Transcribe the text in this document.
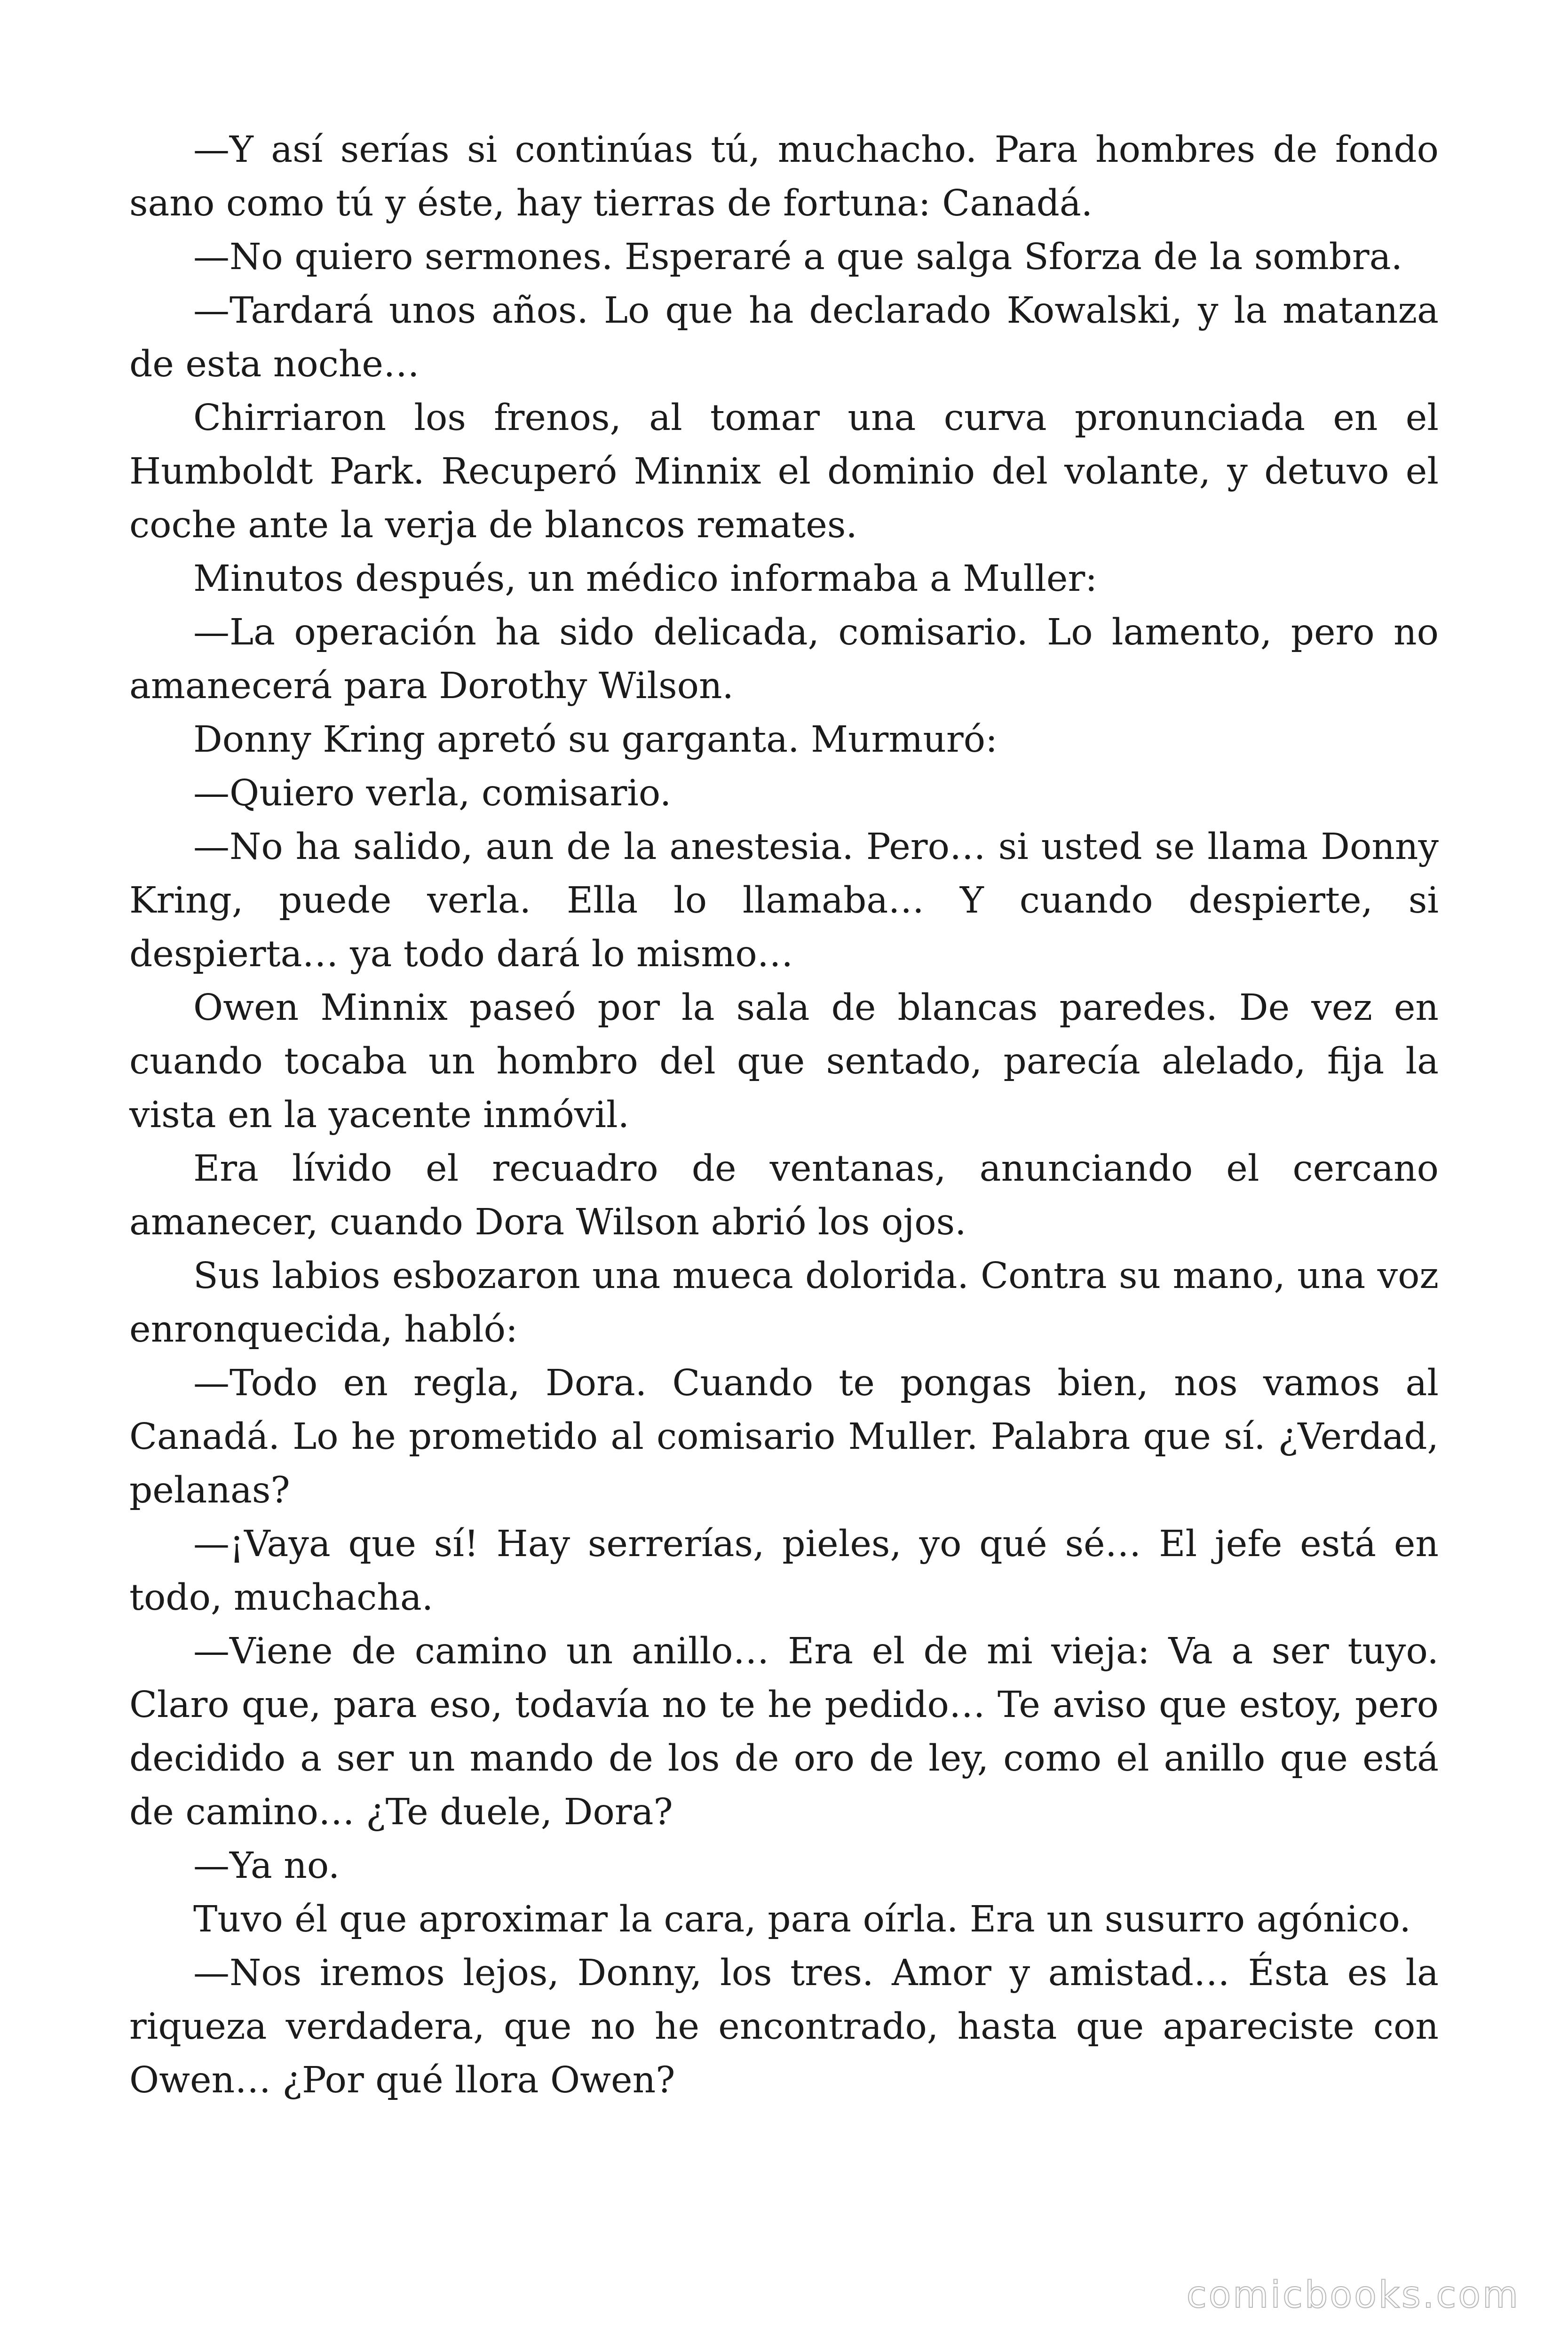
—Y así serías si continúas tú, muchacho. Para hombres de fondo sano como tú y éste, hay tierras de fortuna: Canadá.

—No quiero sermones. Esperaré a que salga Sforza de la sombra.

—Tardará unos años. Lo que ha declarado Kowalski, y la matanza de esta noche…

Chirriaron los frenos, al tomar una curva pronunciada en el Humboldt Park. Recuperó Minnix el dominio del volante, y detuvo el coche ante la verja de blancos remates.

Minutos después, un médico informaba a Muller:

—La operación ha sido delicada, comisario. Lo lamento, pero no amanecerá para Dorothy Wilson.

Donny Kring apretó su garganta. Murmuró:

—Quiero verla, comisario.

—No ha salido, aun de la anestesia. Pero… si usted se llama Donny Kring, puede verla. Ella lo llamaba… Y cuando despierte, si despierta… ya todo dará lo mismo…

Owen Minnix paseó por la sala de blancas paredes. De vez en cuando tocaba un hombro del que sentado, parecía alelado, fija la vista en la yacente inmóvil.

Era lívido el recuadro de ventanas, anunciando el cercano amanecer, cuando Dora Wilson abrió los ojos.

Sus labios esbozaron una mueca dolorida. Contra su mano, una voz enronquecida, habló:

—Todo en regla, Dora. Cuando te pongas bien, nos vamos al Canadá. Lo he prometido al comisario Muller. Palabra que sí. ¿Verdad, pelanas?

—¡Vaya que sí! Hay serrerías, pieles, yo qué sé… El jefe está en todo, muchacha.

—Viene de camino un anillo… Era el de mi vieja: Va a ser tuyo. Claro que, para eso, todavía no te he pedido… Te aviso que estoy, pero decidido a ser un mando de los de oro de ley, como el anillo que está de camino… ¿Te duele, Dora?

—Ya no.

Tuvo él que aproximar la cara, para oírla. Era un susurro agónico.

—Nos iremos lejos, Donny, los tres. Amor y amistad… Ésta es la riqueza verdadera, que no he encontrado, hasta que apareciste con Owen… ¿Por qué llora Owen?

comicbooks.com
